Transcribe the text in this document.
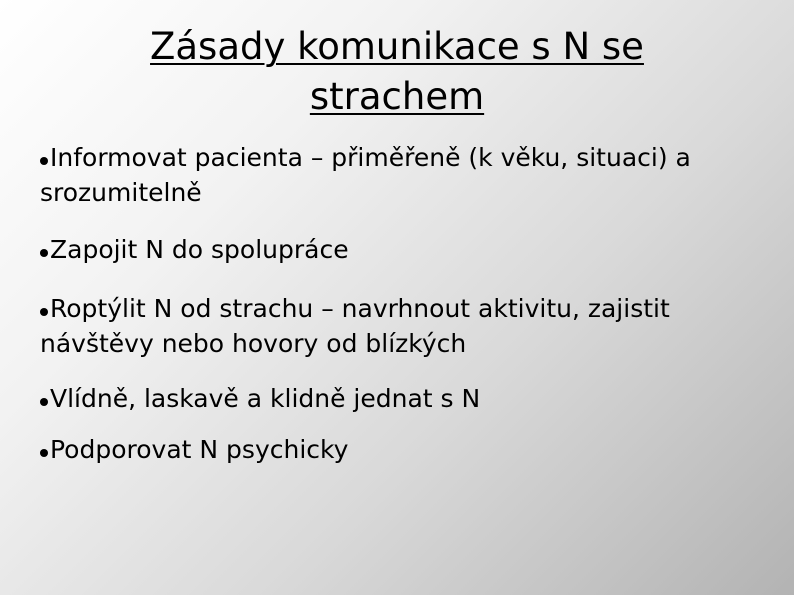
Zásady komunikace s N se strachem
Informovat pacienta – přiměřeně (k věku, situaci) a srozumitelně
Zapojit N do spolupráce
Roptýlit N od strachu – navrhnout aktivitu, zajistit návštěvy nebo hovory od blízkých
Vlídně, laskavě a klidně jednat s N
Podporovat N psychicky
